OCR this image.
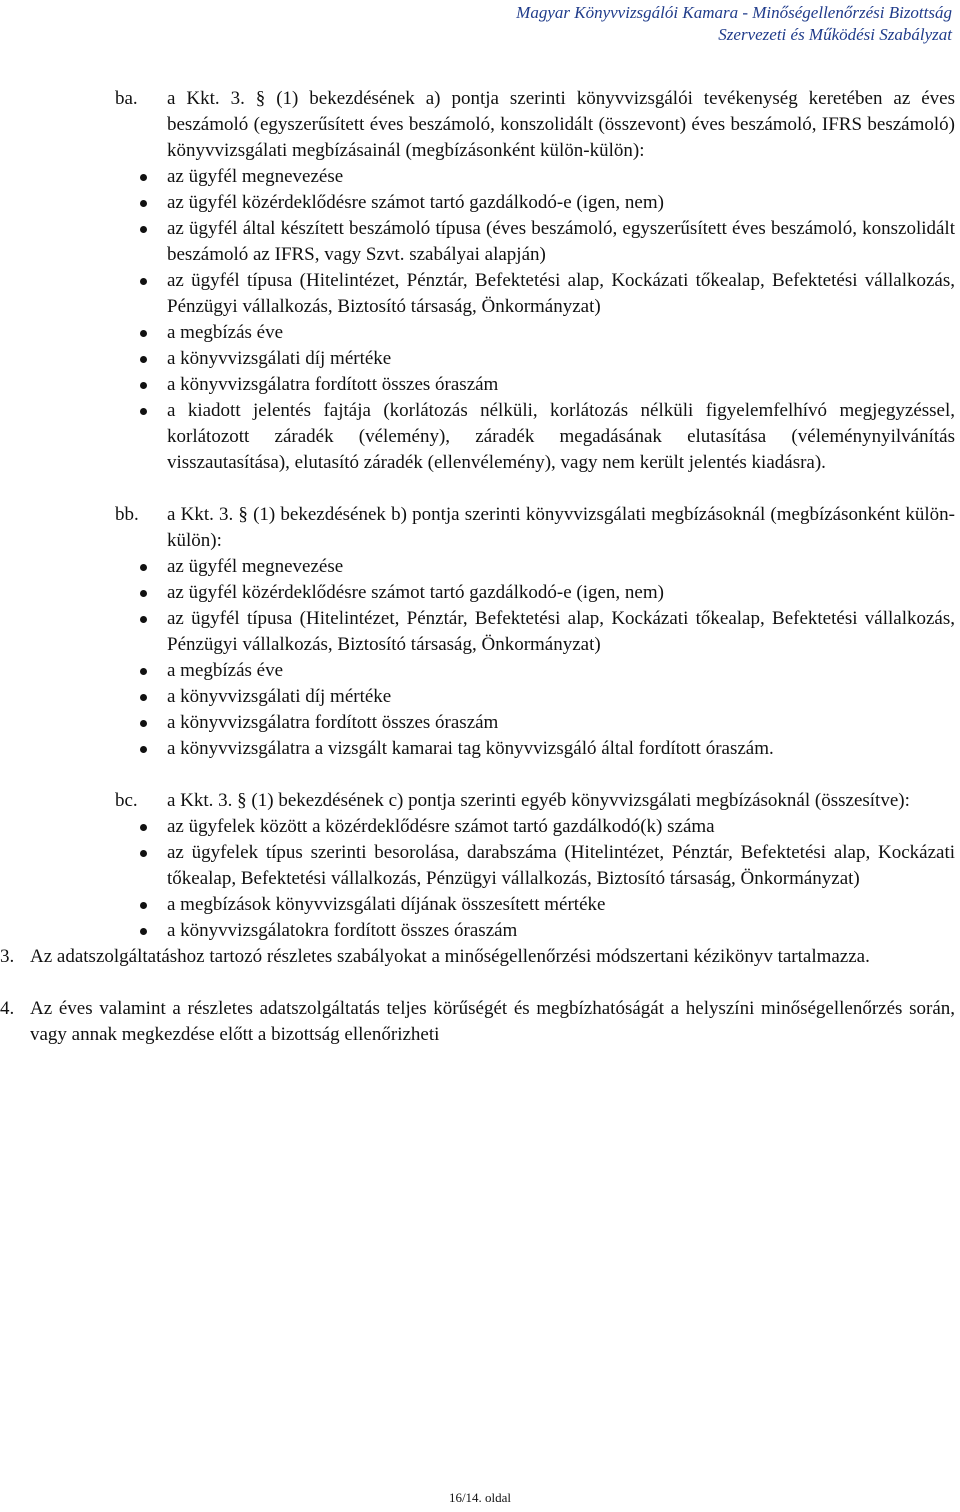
Magyar Könyvvizsgálói Kamara - Minőségellenőrzési Bizottság
Szervezeti és Működési Szabályzat
ba. a Kkt. 3. § (1) bekezdésének a) pontja szerinti könyvvizsgálói tevékenység keretében az éves beszámoló (egyszerűsített éves beszámoló, konszolidált (összevont) éves beszámoló, IFRS beszámoló) könyvvizsgálati megbízásainál (megbízásonként külön-külön):
az ügyfél megnevezése
az ügyfél közérdeklődésre számot tartó gazdálkodó-e (igen, nem)
az ügyfél által készített beszámoló típusa (éves beszámoló, egyszerűsített éves beszámoló, konszolidált beszámoló az IFRS, vagy Szvt. szabályai alapján)
az ügyfél típusa (Hitelintézet, Pénztár, Befektetési alap, Kockázati tőkealap, Befektetési vállalkozás, Pénzügyi vállalkozás, Biztosító társaság, Önkormányzat)
a megbízás éve
a könyvvizsgálati díj mértéke
a könyvvizsgálatra fordított összes óraszám
a kiadott jelentés fajtája (korlátozás nélküli, korlátozás nélküli figyelemfelhívó megjegyzéssel, korlátozott záradék (vélemény), záradék megadásának elutasítása (véleménynyilvánítás visszautasítása), elutasító záradék (ellenvélemény), vagy nem került jelentés kiadásra).
bb. a Kkt. 3. § (1) bekezdésének b) pontja szerinti könyvvizsgálati megbízásoknál (megbízásonként külön-külön):
az ügyfél megnevezése
az ügyfél közérdeklődésre számot tartó gazdálkodó-e (igen, nem)
az ügyfél típusa (Hitelintézet, Pénztár, Befektetési alap, Kockázati tőkealap, Befektetési vállalkozás, Pénzügyi vállalkozás, Biztosító társaság, Önkormányzat)
a megbízás éve
a könyvvizsgálati díj mértéke
a könyvvizsgálatra fordított összes óraszám
a könyvvizsgálatra a vizsgált kamarai tag könyvvizsgáló által fordított óraszám.
bc. a Kkt. 3. § (1) bekezdésének c) pontja szerinti egyéb könyvvizsgálati megbízásoknál (összesítve):
az ügyfelek között a közérdeklődésre számot tartó gazdálkodó(k) száma
az ügyfelek típus szerinti besorolása, darabszáma (Hitelintézet, Pénztár, Befektetési alap, Kockázati tőkealap, Befektetési vállalkozás, Pénzügyi vállalkozás, Biztosító társaság, Önkormányzat)
a megbízások könyvvizsgálati díjának összesített mértéke
a könyvvizsgálatokra fordított összes óraszám
3. Az adatszolgáltatáshoz tartozó részletes szabályokat a minőségellenőrzési módszertani kézikönyv tartalmazza.
4. Az éves valamint a részletes adatszolgáltatás teljes körűségét és megbízhatóságát a helyszíni minőségellenőrzés során, vagy annak megkezdése előtt a bizottság ellenőrizheti
16/14. oldal
